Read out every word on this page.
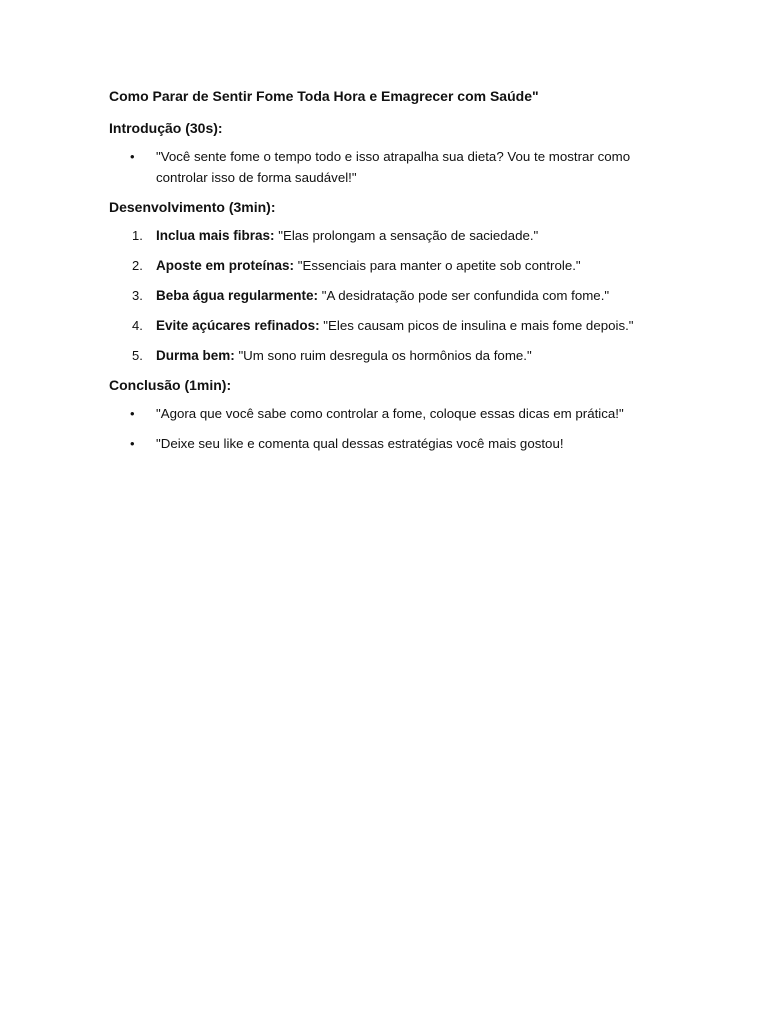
Como Parar de Sentir Fome Toda Hora e Emagrecer com Saúde"
Introdução (30s):
• "Você sente fome o tempo todo e isso atrapalha sua dieta? Vou te mostrar como controlar isso de forma saudável!"
Desenvolvimento (3min):
1. Inclua mais fibras: "Elas prolongam a sensação de saciedade."
2. Aposte em proteínas: "Essenciais para manter o apetite sob controle."
3. Beba água regularmente: "A desidratação pode ser confundida com fome."
4. Evite açúcares refinados: "Eles causam picos de insulina e mais fome depois."
5. Durma bem: "Um sono ruim desregula os hormônios da fome."
Conclusão (1min):
• "Agora que você sabe como controlar a fome, coloque essas dicas em prática!"
• "Deixe seu like e comenta qual dessas estratégias você mais gostou!
